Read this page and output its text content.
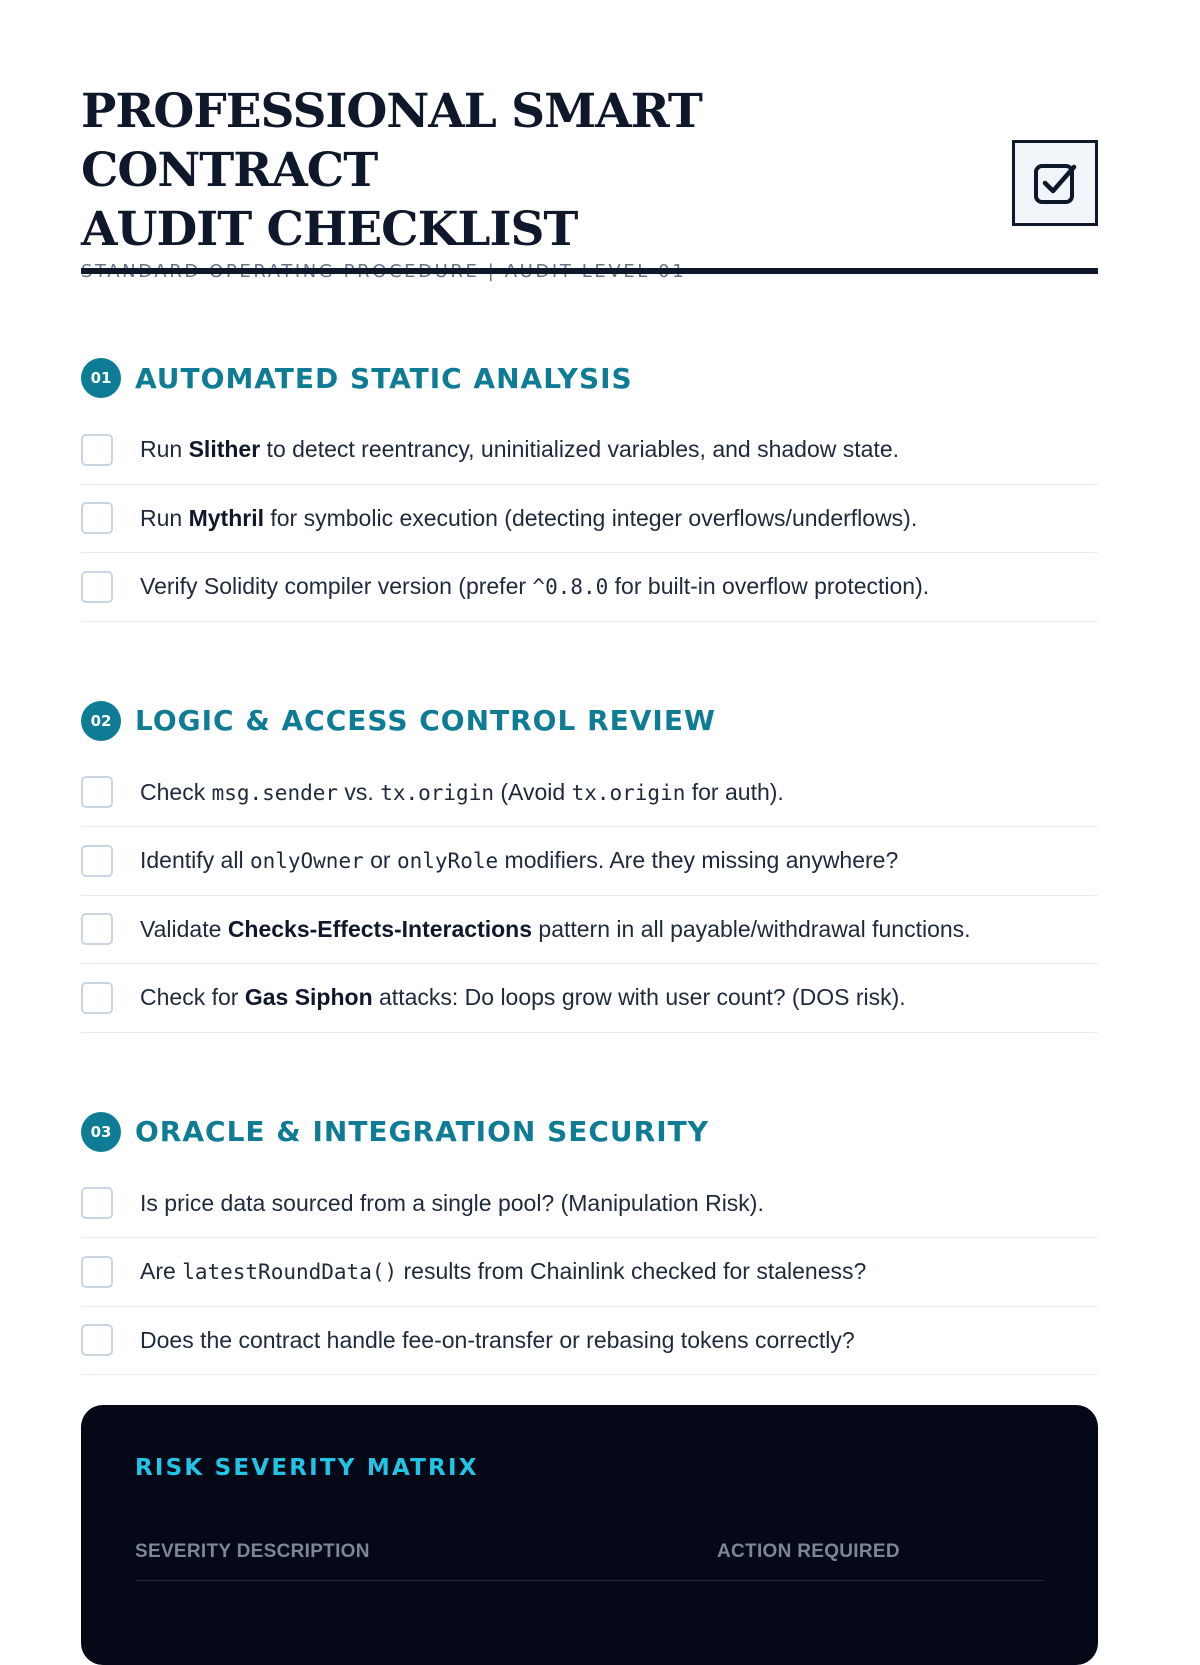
PROFESSIONAL SMART CONTRACT
AUDIT CHECKLIST
01 AUTOMATED STATIC ANALYSIS
Run Slither to detect reentrancy, uninitialized variables, and shadow state.
Run Mythril for symbolic execution (detecting integer overflows/underflows).
Verify Solidity compiler version (prefer ^0.8.0 for built-in overflow protection).
02 LOGIC & ACCESS CONTROL REVIEW
Check msg.sender vs. tx.origin (Avoid tx.origin for auth).
Identify all onlyOwner or onlyRole modifiers. Are they missing anywhere?
Validate Checks-Effects-Interactions pattern in all payable/withdrawal functions.
Check for Gas Siphon attacks: Do loops grow with user count? (DOS risk).
03 ORACLE & INTEGRATION SECURITY
Is price data sourced from a single pool? (Manipulation Risk).
Are latestRoundData() results from Chainlink checked for staleness?
Does the contract handle fee-on-transfer or rebasing tokens correctly?
RISK SEVERITY MATRIX
SEVERITY DESCRIPTION	ACTION REQUIRED
